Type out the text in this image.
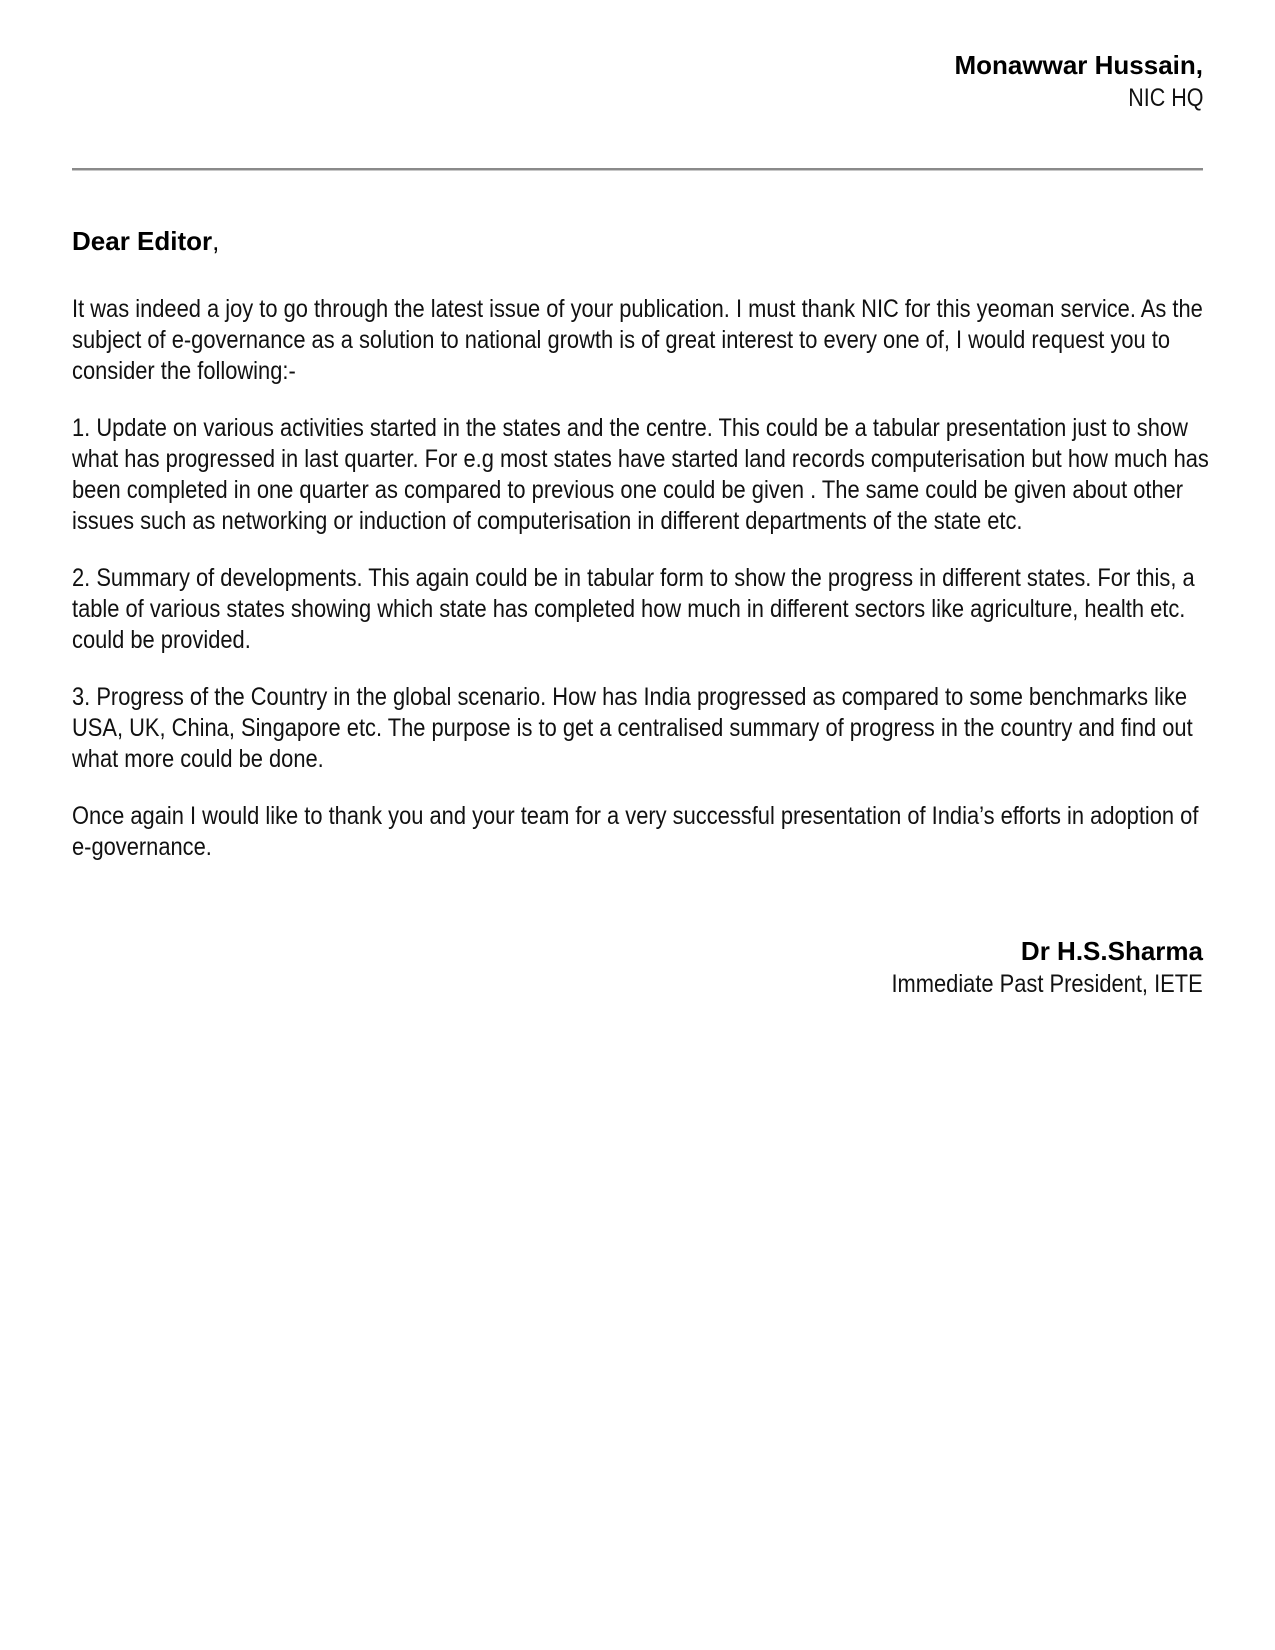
Monawwar Hussain,
NIC HQ
Dear Editor,

It was indeed a joy to go through the latest issue of your publication. I must thank NIC for this yeoman service. As the subject of e-governance as a solution to national growth is of great interest to every one of, I would request you to consider the following:-

1. Update on various activities started in the states and the centre. This could be a tabular presentation just to show what has progressed in last quarter. For e.g most states have started land records computerisation but how much has been completed in one quarter as compared to previous one could be given . The same could be given about other issues such as networking or induction of computerisation in different departments of the state etc.

2. Summary of developments. This again could be in tabular form to show the progress in different states. For this, a table of various states showing which state has completed how much in different sectors like agriculture, health etc. could be provided.

3. Progress of the Country in the global scenario. How has India progressed as compared to some benchmarks like USA, UK, China, Singapore etc. The purpose is to get a centralised summary of progress in the country and find out what more could be done.

Once again I would like to thank you and your team for a very successful presentation of India’s efforts in adoption of e-governance.

Dr H.S.Sharma
Immediate Past President, IETE
